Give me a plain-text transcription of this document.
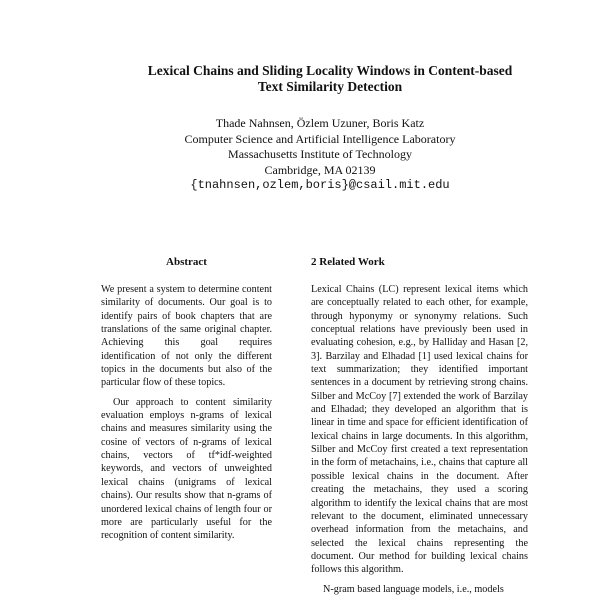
Lexical Chains and Sliding Locality Windows in Content-based
Text Similarity Detection
Thade Nahnsen, Özlem Uzuner, Boris Katz
Computer Science and Artificial Intelligence Laboratory
Massachusetts Institute of Technology
Cambridge, MA 02139
{tnahnsen,ozlem,boris}@csail.mit.edu
Abstract

We present a system to determine content similarity of documents. Our goal is to identify pairs of book chapters that are translations of the same original chapter. Achieving this goal requires identification of not only the different topics in the documents but also of the particular flow of these topics.

Our approach to content similarity evaluation employs n-grams of lexical chains and measures similarity using the cosine of vectors of n-grams of lexical chains, vectors of tf*idf-weighted keywords, and vectors of unweighted lexical chains (unigrams of lexical chains). Our results show that n-grams of unordered lexical chains of length four or more are particularly useful for the recognition of content similarity.

2 Related Work

Lexical Chains (LC) represent lexical items which are conceptually related to each other, for example, through hyponymy or synonymy relations. Such conceptual relations have previously been used in evaluating cohesion, e.g., by Halliday and Hasan [2, 3]. Barzilay and Elhadad [1] used lexical chains for text summarization; they identified important sentences in a document by retrieving strong chains. Silber and McCoy [7] extended the work of Barzilay and Elhadad; they developed an algorithm that is linear in time and space for efficient identification of lexical chains in large documents. In this algorithm, Silber and McCoy first created a text representation in the form of metachains, i.e., chains that capture all possible lexical chains in the document. After creating the metachains, they used a scoring algorithm to identify the lexical chains that are most relevant to the document, eliminated unnecessary overhead information from the metachains, and selected the lexical chains representing the document. Our method for building lexical chains follows this algorithm.

N-gram based language models, i.e., models
